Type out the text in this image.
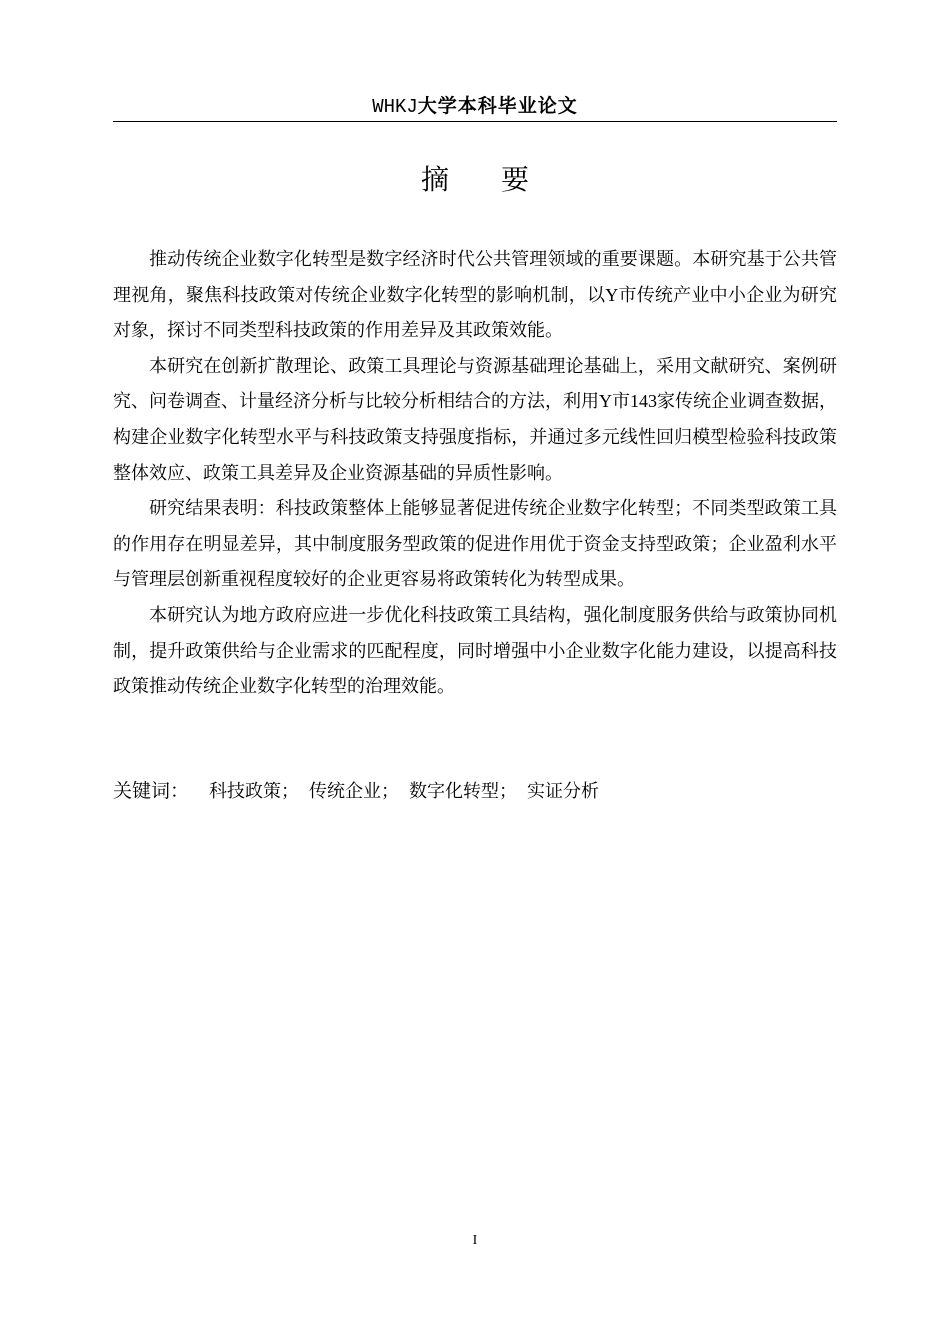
WHKJ大学本科毕业论文
摘 要

推动传统企业数字化转型是数字经济时代公共管理领域的重要课题。本研究基于公共管理视角，聚焦科技政策对传统企业数字化转型的影响机制，以Y市传统产业中小企业为研究对象，探讨不同类型科技政策的作用差异及其政策效能。

本研究在创新扩散理论、政策工具理论与资源基础理论基础上，采用文献研究、案例研究、问卷调查、计量经济分析与比较分析相结合的方法，利用Y市143家传统企业调查数据，构建企业数字化转型水平与科技政策支持强度指标，并通过多元线性回归模型检验科技政策整体效应、政策工具差异及企业资源基础的异质性影响。

研究结果表明：科技政策整体上能够显著促进传统企业数字化转型；不同类型政策工具的作用存在明显差异，其中制度服务型政策的促进作用优于资金支持型政策；企业盈利水平与管理层创新重视程度较好的企业更容易将政策转化为转型成果。

本研究认为地方政府应进一步优化科技政策工具结构，强化制度服务供给与政策协同机制，提升政策供给与企业需求的匹配程度，同时增强中小企业数字化能力建设，以提高科技政策推动传统企业数字化转型的治理效能。

关键词： 科技政策； 传统企业； 数字化转型； 实证分析
I
